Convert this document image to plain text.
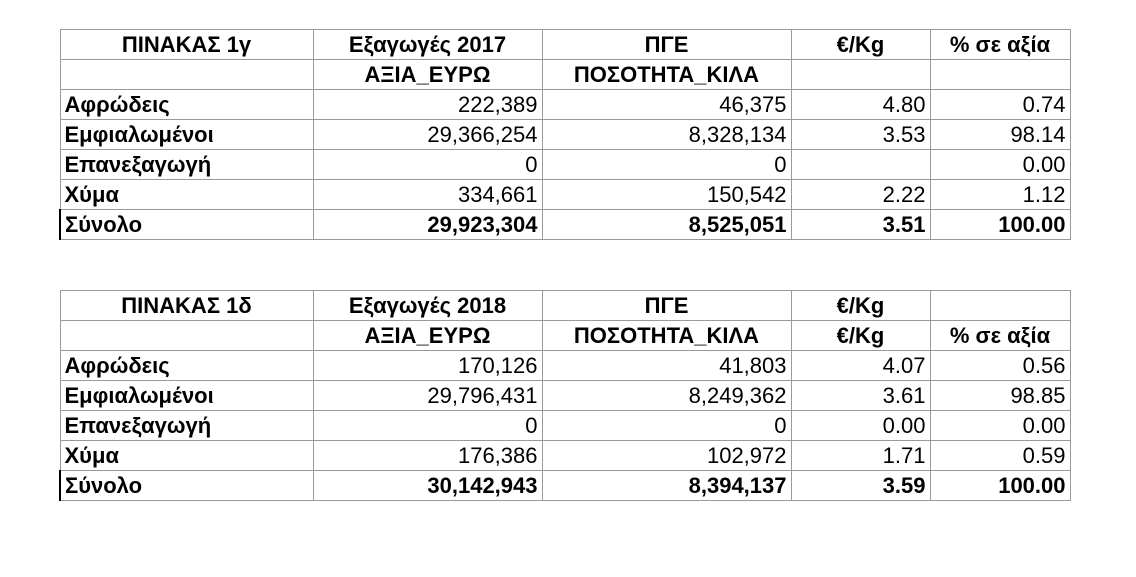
ΠΙΝΑΚΑΣ 1γ	Εξαγωγές 2017	ΠΓΕ	€/Kg	% σε αξία
	ΑΞΙΑ_ΕΥΡΩ	ΠΟΣΟΤΗΤΑ_ΚΙΛΑ		
Αφρώδεις	222,389	46,375	4.80	0.74
Εμφιαλωμένοι	29,366,254	8,328,134	3.53	98.14
Επανεξαγωγή	0	0		0.00
Χύμα	334,661	150,542	2.22	1.12
Σύνολο	29,923,304	8,525,051	3.51	100.00
ΠΙΝΑΚΑΣ 1δ	Εξαγωγές 2018	ΠΓΕ	€/Kg	
	ΑΞΙΑ_ΕΥΡΩ	ΠΟΣΟΤΗΤΑ_ΚΙΛΑ	€/Kg	% σε αξία
Αφρώδεις	170,126	41,803	4.07	0.56
Εμφιαλωμένοι	29,796,431	8,249,362	3.61	98.85
Επανεξαγωγή	0	0	0.00	0.00
Χύμα	176,386	102,972	1.71	0.59
Σύνολο	30,142,943	8,394,137	3.59	100.00
